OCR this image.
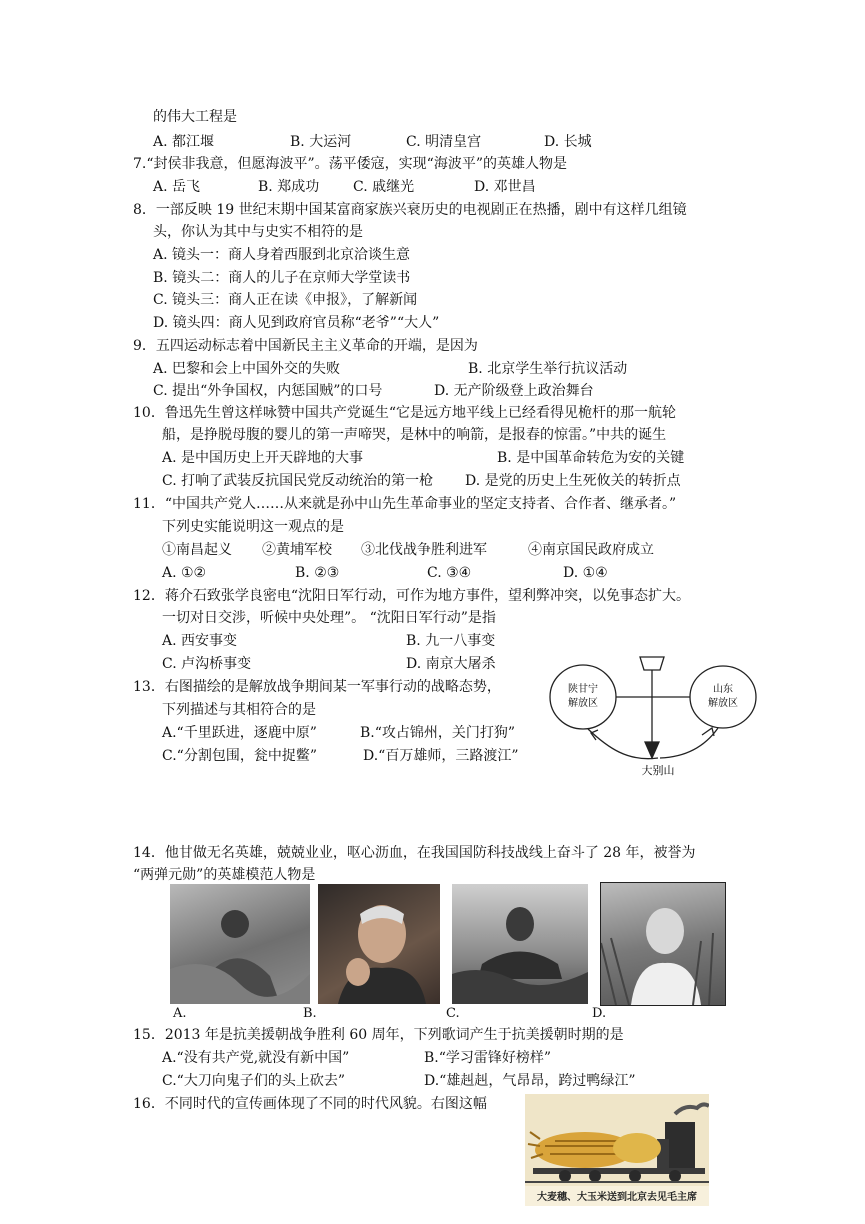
的伟大工程是
A. 都江堰	B. 大运河	C. 明清皇宫	D. 长城
7.“封侯非我意，但愿海波平”。荡平倭寇，实现“海波平”的英雄人物是
A. 岳飞	B. 郑成功 C. 戚继光	D. 邓世昌
8．一部反映 19 世纪末期中国某富商家族兴衰历史的电视剧正在热播，剧中有这样几组镜
头，你认为其中与史实不相符的是
A. 镜头一：商人身着西服到北京洽谈生意
B. 镜头二：商人的儿子在京师大学堂读书
C. 镜头三：商人正在读《申报》，了解新闻
D. 镜头四：商人见到政府官员称“老爷”“大人”
9．五四运动标志着中国新民主主义革命的开端，是因为
A. 巴黎和会上中国外交的失败	B. 北京学生举行抗议活动
C. 提出“外争国权，内惩国贼”的口号	D. 无产阶级登上政治舞台
10．鲁迅先生曾这样咏赞中国共产党诞生“它是远方地平线上已经看得见桅杆的那一航轮
船，是挣脱母腹的婴儿的第一声啼哭，是林中的响箭，是报春的惊雷。”中共的诞生
A. 是中国历史上开天辟地的大事	B. 是中国革命转危为安的关键
C. 打响了武装反抗国民党反动统治的第一枪 D. 是党的历史上生死攸关的转折点
11．“中国共产党人……从来就是孙中山先生革命事业的坚定支持者、合作者、继承者。”
下列史实能说明这一观点的是
①南昌起义 ②黄埔军校 ③北伐战争胜利进军	④南京国民政府成立
A. ①②	B. ②③	C. ③④	D. ①④
12．蒋介石致张学良密电“沈阳日军行动，可作为地方事件，望利弊冲突，以免事态扩大。
一切对日交涉，听候中央处理”。 “沈阳日军行动”是指
A. 西安事变	B. 九一八事变
C. 卢沟桥事变	D. 南京大屠杀
13．右图描绘的是解放战争期间某一军事行动的战略态势，
下列描述与其相符合的是
A.“千里跃进，逐鹿中原”	B.“攻占锦州，关门打狗”
C.“分割包围，瓮中捉鳖”	D.“百万雄师，三路渡江”
陕甘宁
解放区
山东
解放区
大别山
14．他甘做无名英雄，兢兢业业，呕心沥血，在我国国防科技战线上奋斗了 28 年，被誉为
“两弹元勋”的英雄模范人物是
A.	B.	C.	D.
15．2013 年是抗美援朝战争胜利 60 周年，下列歌词产生于抗美援朝时期的是
A.“没有共产党,就没有新中国”	B.“学习雷锋好榜样”
C.“大刀向鬼子们的头上砍去”	D.“雄赳赳，气昂昂，跨过鸭绿江”
16．不同时代的宣传画体现了不同的时代风貌。右图这幅
大麦穗、大玉米送到北京去见毛主席
